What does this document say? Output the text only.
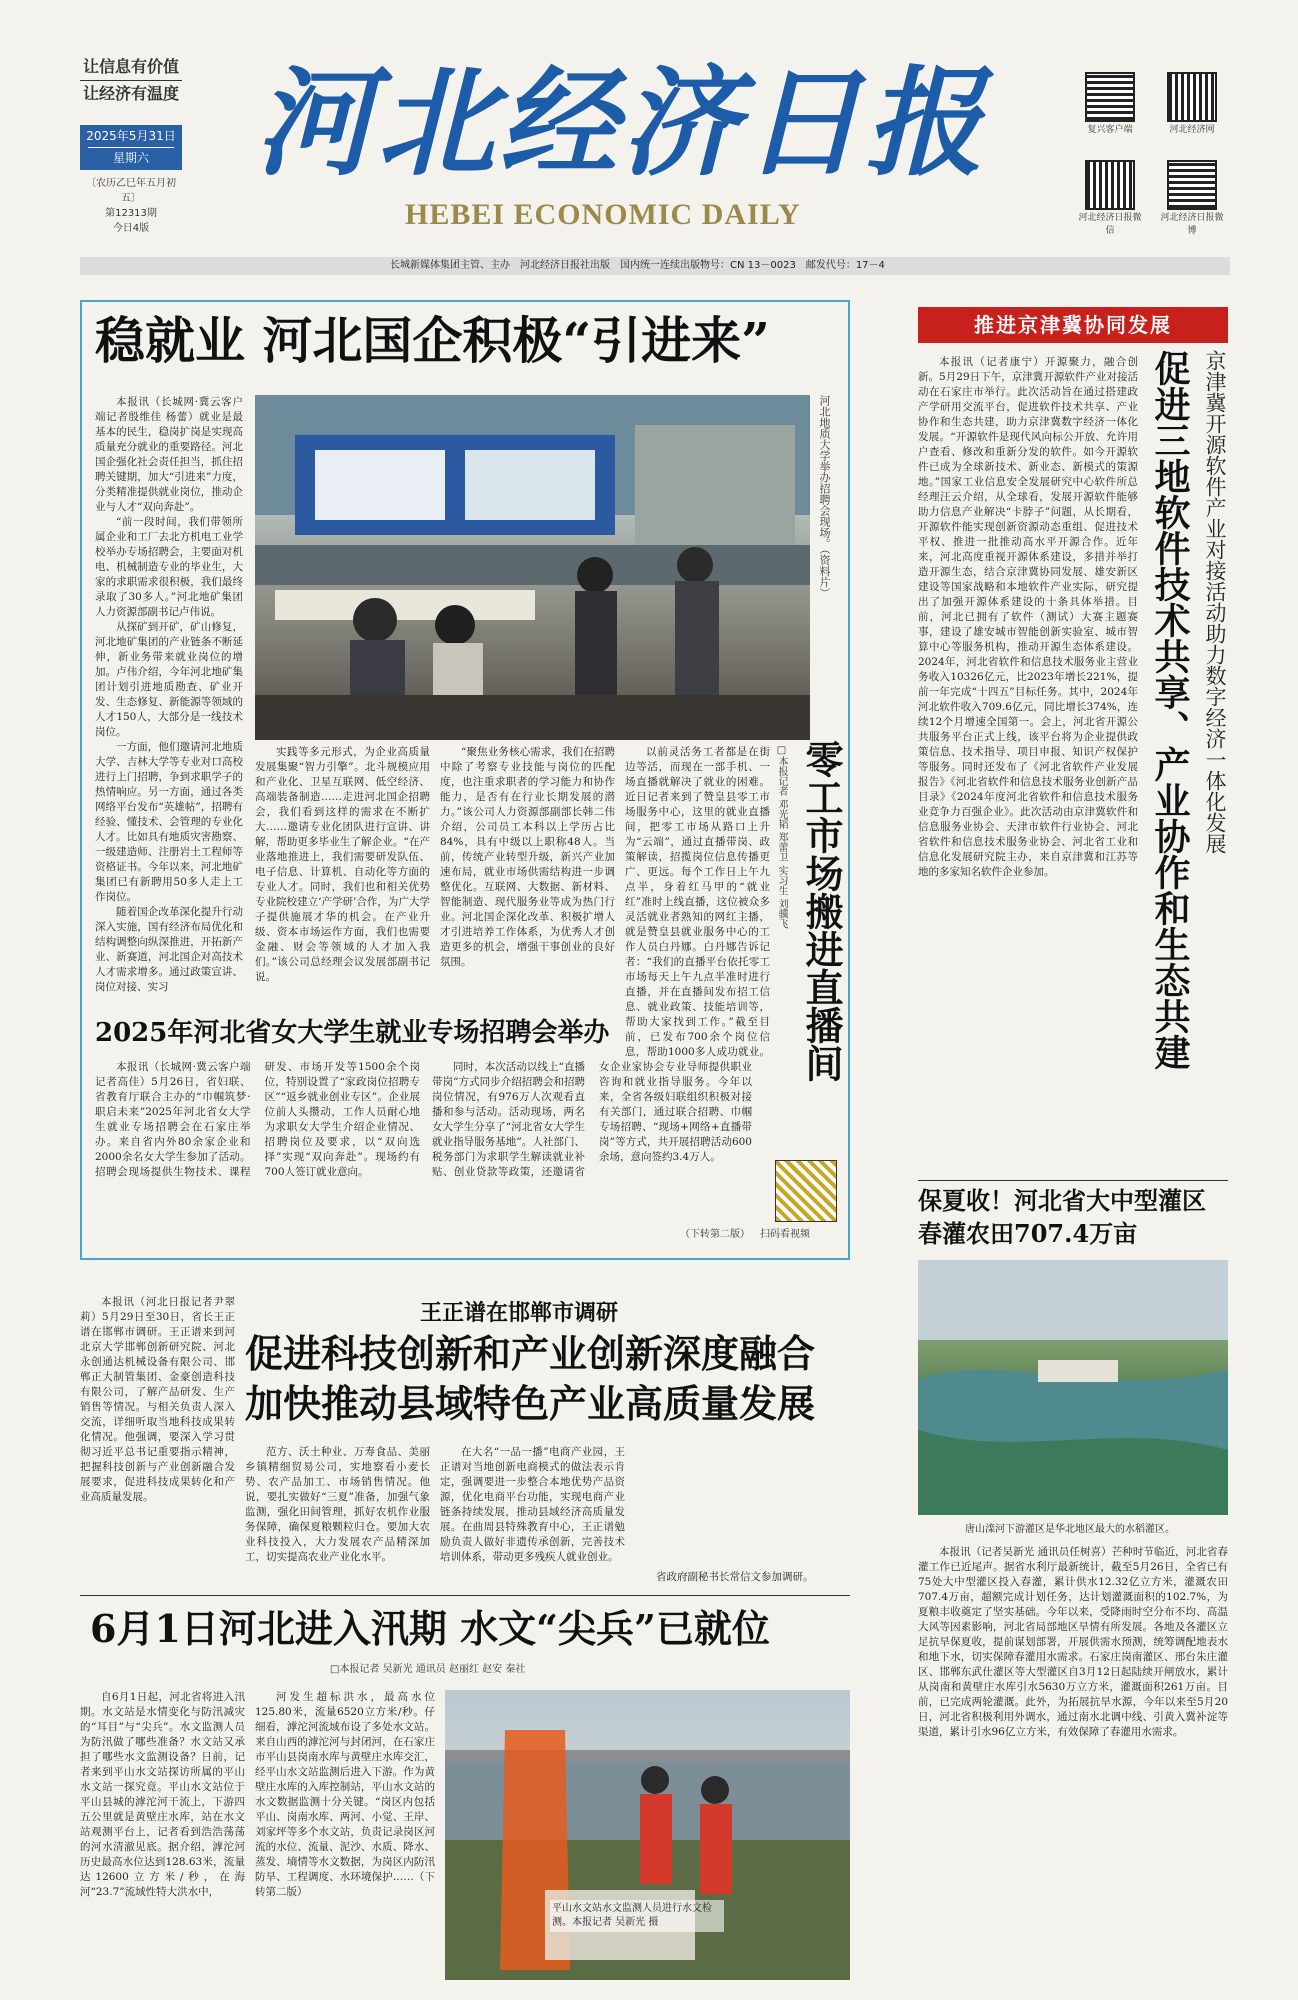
让信息有价值
让经济有温度
2025年5月31日
星期六
〔农历乙巳年五月初五〕
第12313期
今日4版
河北经济日报
HEBEI ECONOMIC DAILY
复兴客户端	河北经济网
河北经济日报微信
河北经济日报微博
长城新媒体集团主管、主办　河北经济日报社出版　国内统一连续出版物号：CN 13－0023　邮发代号：17－4
稳就业 河北国企积极“引进来”

本报讯（长城网·冀云客户端记者殷维佳 杨蕾）就业是最基本的民生，稳岗扩岗是实现高质量充分就业的重要路径。河北国企强化社会责任担当，抓住招聘关键期，加大“引进来”力度，分类精准提供就业岗位，推动企业与人才“双向奔赴”。

“前一段时间，我们带领所属企业和工厂去北方机电工业学校举办专场招聘会，主要面对机电、机械制造专业的毕业生，大家的求职需求很积极，我们最终录取了30多人。”河北地矿集团人力资源部副书记卢伟说。

从探矿到开矿，矿山修复，河北地矿集团的产业链条不断延伸，新业务带来就业岗位的增加。卢伟介绍，今年河北地矿集团计划引进地质勘查、矿业开发、生态修复、新能源等领域的人才150人，大部分是一线技术岗位。

一方面，他们邀请河北地质大学、吉林大学等专业对口高校进行上门招聘，争到求职学子的热情响应。另一方面，通过各类网络平台发布“英雄帖”，招聘有经验、懂技术、会管理的专业化人才。比如具有地质灾害勘察、一级建造师、注册岩土工程师等资格证书。今年以来，河北地矿集团已有新聘用50多人走上工作岗位。

随着国企改革深化提升行动深入实施，国有经济布局优化和结构调整向纵深推进，开拓新产业、新赛道，河北国企对高技术人才需求增多。通过政策宣讲、岗位对接、实习

河北地质大学举办招聘会现场。（资料片）

实践等多元形式，为企业高质量发展集聚“智力引擎”。北斗规模应用和产业化、卫星互联网、低空经济、高端装备制造……走进河北国企招聘会，我们看到这样的需求在不断扩大……邀请专业化团队进行宣讲、讲解，帮助更多毕业生了解企业。“在产业落地推进上，我们需要研发队伍、电子信息、计算机、自动化等方面的专业人才。同时，我们也和相关优势专业院校建立‘产学研’合作，为广大学子提供施展才华的机会。在产业升级、资本市场运作方面，我们也需要金融、财会等领域的人才加入我们。”该公司总经理会议发展部副书记说。

“聚焦业务核心需求，我们在招聘中除了考察专业技能与岗位的匹配度，也注重求职者的学习能力和协作能力，是否有在行业长期发展的潜力。”该公司人力资源部副部长韩二伟介绍，公司员工本科以上学历占比84%，具有中级以上职称48人。当前，传统产业转型升级，新兴产业加速布局，就业市场供需结构进一步调整优化。互联网、大数据、新材料、智能制造、现代服务业等成为热门行业。河北国企深化改革、积极扩增人才引进培养工作体系，为优秀人才创造更多的机会，增强干事创业的良好氛围。	零工市场搬进直播间
□本报记者 邓光韬 郑蕾卫 实习生 刘骥飞

以前灵活务工者都是在街边等活，而现在一部手机、一场直播就解决了就业的困难。近日记者来到了赞皇县零工市场服务中心，这里的就业直播间，把零工市场从路口上升为“云端”，通过直播带岗、政策解读，招揽岗位信息传播更广、更远。每个工作日上午九点半，身着红马甲的“就业红”准时上线直播，这位被众多灵活就业者熟知的网红主播，就是赞皇县就业服务中心的工作人员白丹娜。白丹娜告诉记者：“我们的直播平台依托零工市场每天上午九点半准时进行直播，并在直播间发布招工信息、就业政策、技能培训等，帮助大家找到工作。”截至目前，已发布700余个岗位信息，帮助1000多人成功就业。

扫码看视频
（下转第二版）
2025年河北省女大学生就业专场招聘会举办

本报讯（长城网·冀云客户端记者高佳）5月26日，省妇联、省教育厅联合主办的“巾帼筑梦·职启未来”2025年河北省女大学生就业专场招聘会在石家庄举办。来自省内外80余家企业和2000余名女大学生参加了活动。招聘会现场提供生物技术、课程研发、市场开发等1500余个岗位，特别设置了“家政岗位招聘专区”“返乡就业创业专区”。企业展位前人头攒动，工作人员耐心地为求职女大学生介绍企业情况、招聘岗位及要求，以“双向选择”实现“双向奔赴”。现场约有700人签订就业意向。

同时，本次活动以线上“直播带岗”方式同步介绍招聘会和招聘岗位情况，有976万人次观看直播和参与活动。活动现场，两名女大学生分享了“河北省女大学生就业指导服务基地”。人社部门、税务部门为求职学生解读就业补贴、创业贷款等政策，还邀请省女企业家协会专业导师提供职业咨询和就业指导服务。今年以来，全省各级妇联组织积极对接有关部门，通过联合招聘、巾帼专场招聘、“现场+网络+直播带岗”等方式，共开展招聘活动600余场，意向签约3.4万人。

王正谱在邯郸市调研
促进科技创新和产业创新深度融合
加快推动县域特色产业高质量发展

本报讯（河北日报记者尹翠莉）5月29日至30日，省长王正谱在邯郸市调研。王正谱来到河北京大学邯郸创新研究院、河北永创通达机械设备有限公司、邯郸正大制管集团、金豪创造科技有限公司，了解产品研发、生产销售等情况。与相关负责人深入交流，详细听取当地科技成果转化情况。他强调，要深入学习贯彻习近平总书记重要指示精神，把握科技创新与产业创新融合发展要求，促进科技成果转化和产业高质量发展。

范方、沃土种业、万寿食品、美丽乡镇精细贸易公司，实地察看小麦长势、农产品加工、市场销售情况。他说，要扎实做好“三夏”准备，加强气象监测，强化田间管理，抓好农机作业服务保障，确保夏粮颗粒归仓。要加大农业科技投入，大力发展农产品精深加工，切实提高农业产业化水平。

在大名“一品一播”电商产业园，王正谱对当地创新电商模式的做法表示肯定，强调要进一步整合本地优势产品资源，优化电商平台功能，实现电商产业链条持续发展，推动县域经济高质量发展。在曲周县特殊教育中心，王正谱勉励负责人做好非遗传承创新，完善技术培训体系，带动更多残疾人就业创业。

省政府副秘书长常信文参加调研。

6月1日河北进入汛期 水文“尖兵”已就位
□本报记者 吴新光 通讯员 赵丽红 赵安 秦社

自6月1日起，河北省将进入汛期。水文站是水情变化与防汛减灾的“耳目”与“尖兵”。水文监测人员为防汛做了哪些准备？水文站又承担了哪些水文监测设备？日前，记者来到平山水文站探访所属的平山水文站一探究竟。平山水文站位于平山县城的滹沱河干流上，下游四五公里就是黄壁庄水库，站在水文站观测平台上，记者看到浩浩荡荡的河水清澈见底。据介绍，滹沱河历史最高水位达到128.63米，流量达12600立方米/秒，在海河“23.7”流域性特大洪水中，

河发生超标洪水，最高水位125.80米，流量6520立方米/秒。仔细看，滹沱河流域布设了多处水文站。来自山西的滹沱河与封闭河，在石家庄市平山县岗南水库与黄壁庄水库交汇，经平山水文站监测后进入下游。作为黄壁庄水库的入库控制站，平山水文站的水文数据监测十分关键。“岗区内包括平山、岗南水库、两河、小觉、王岸、刘家坪等多个水文站，负责记录岗区河流的水位、流量、泥沙、水质、降水、蒸发、墒情等水文数据，为岗区内防汛防旱、工程调度、水环境保护……（下转第二版）

平山水文站水文监测人员进行水文检测。本报记者 吴新光 摄
推进京津冀协同发展
京津冀开源软件产业对接活动助力数字经济一体化发展
促进三地软件技术共享、产业协作和生态共建

本报讯（记者康宁）开源聚力，融合创新。5月29日下午，京津冀开源软件产业对接活动在石家庄市举行。此次活动旨在通过搭建政产学研用交流平台，促进软件技术共享、产业协作和生态共建，助力京津冀数字经济一体化发展。“开源软件是现代风向标公开放、允许用户查看、修改和重新分发的软件。如今开源软件已成为全球新技术、新业态、新模式的策源地。”国家工业信息安全发展研究中心软件所总经理汪云介绍，从全球看，发展开源软件能够助力信息产业解决“卡脖子”问题，从长期看，开源软件能实现创新资源动态重组、促进技术平权、推进一批推动高水平开源合作。近年来，河北高度重视开源体系建设，多措并举打造开源生态，结合京津冀协同发展、雄安新区建设等国家战略和本地软件产业实际，研究提出了加强开源体系建设的十条具体举措。目前，河北已拥有了软件（测试）大赛主题赛事，建设了雄安城市智能创新实验室、城市智算中心等服务机构，推动开源生态体系建设。2024年，河北省软件和信息技术服务业主营业务收入10326亿元，比2023年增长221%，提前一年完成“十四五”目标任务。其中，2024年河北软件收入709.6亿元，同比增长374%，连续12个月增速全国第一。会上，河北省开源公共服务平台正式上线，该平台将为企业提供政策信息、技术指导、项目申报、知识产权保护等服务。同时还发布了《河北省软件产业发展报告》《河北省软件和信息技术服务业创新产品目录》《2024年度河北省软件和信息技术服务业竞争力百强企业》。此次活动由京津冀软件和信息服务业协会、天津市软件行业协会、河北省软件和信息技术服务业协会、河北省工业和信息化发展研究院主办，来自京津冀和江苏等地的多家知名软件企业参加。

保夏收！河北省大中型灌区
春灌农田707.4万亩
唐山滦河下游灌区是华北地区最大的水稻灌区。

本报讯（记者吴新光 通讯员任树喜）芒种时节临近，河北省春灌工作已近尾声。据省水利厅最新统计，截至5月26日，全省已有75处大中型灌区投入春灌，累计供水12.32亿立方米，灌溉农田707.4万亩，超额完成计划任务，达计划灌溉面积的102.7%，为夏粮丰收奠定了坚实基础。今年以来，受降雨时空分布不均、高温大风等因素影响，河北省局部地区旱情有所发展。各地及各灌区立足抗旱保夏收，提前谋划部署，开展供需水预测，统筹调配地表水和地下水，切实保障春灌用水需求。石家庄岗南灌区、邢台朱庄灌区、邯郸东武仕灌区等大型灌区自3月12日起陆续开闸放水，累计从岗南和黄壁庄水库引水5630万立方米，灌溉面积261万亩。目前，已完成两轮灌溉。此外，为拓展抗旱水源，今年以来至5月20日，河北省积极利用外调水，通过南水北调中线、引黄入冀补淀等渠道，累计引水96亿立方米，有效保障了春灌用水需求。
